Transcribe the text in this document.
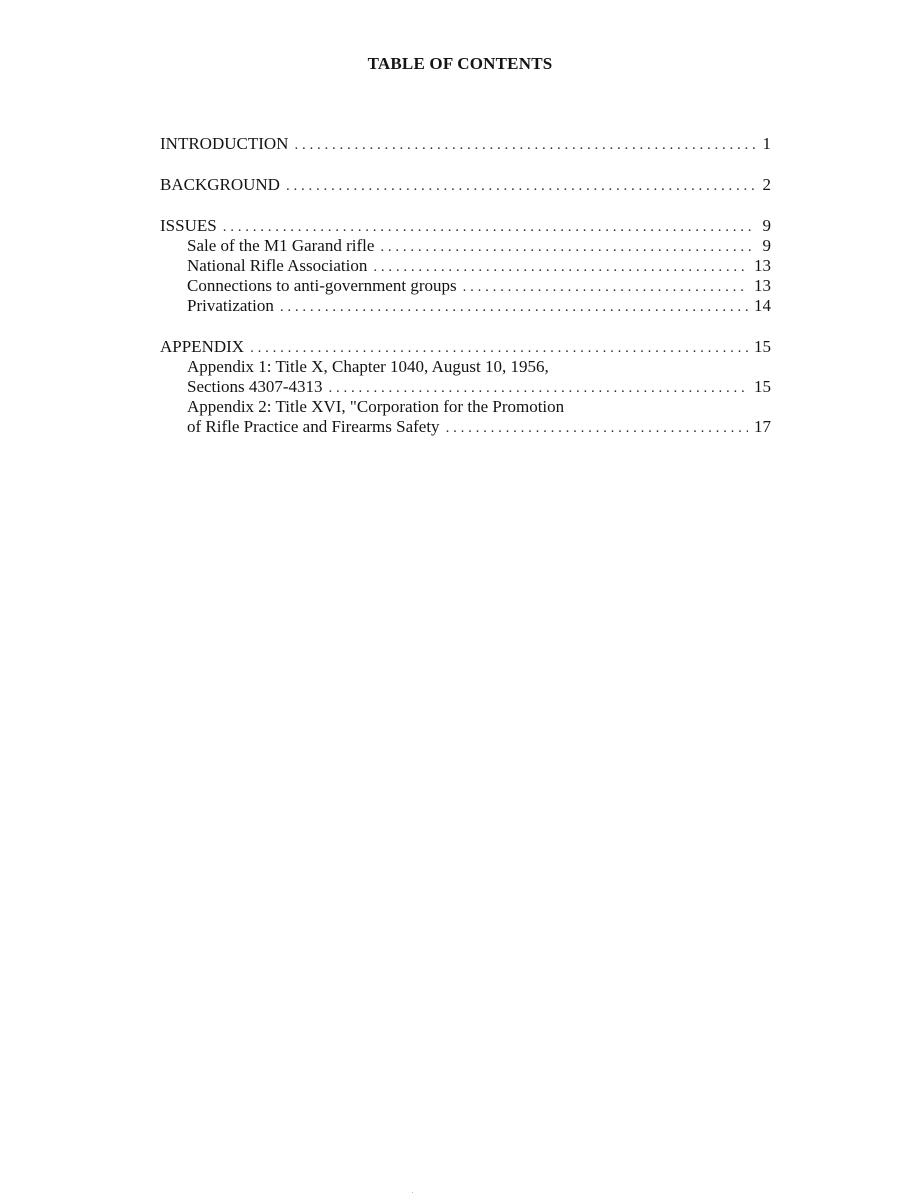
TABLE OF CONTENTS
INTRODUCTION . . .	1
BACKGROUND . . .	2
ISSUES . . .	9
Sale of the M1 Garand rifle . . .	9
National Rifle Association . . .	13
Connections to anti-government groups . . .	13
Privatization . . .	14
APPENDIX . . .	15
Appendix 1: Title X, Chapter 1040, August 10, 1956,
Sections 4307-4313 . . .	15
Appendix 2: Title XVI, "Corporation for the Promotion
of Rifle Practice and Firearms Safety . . .	17
